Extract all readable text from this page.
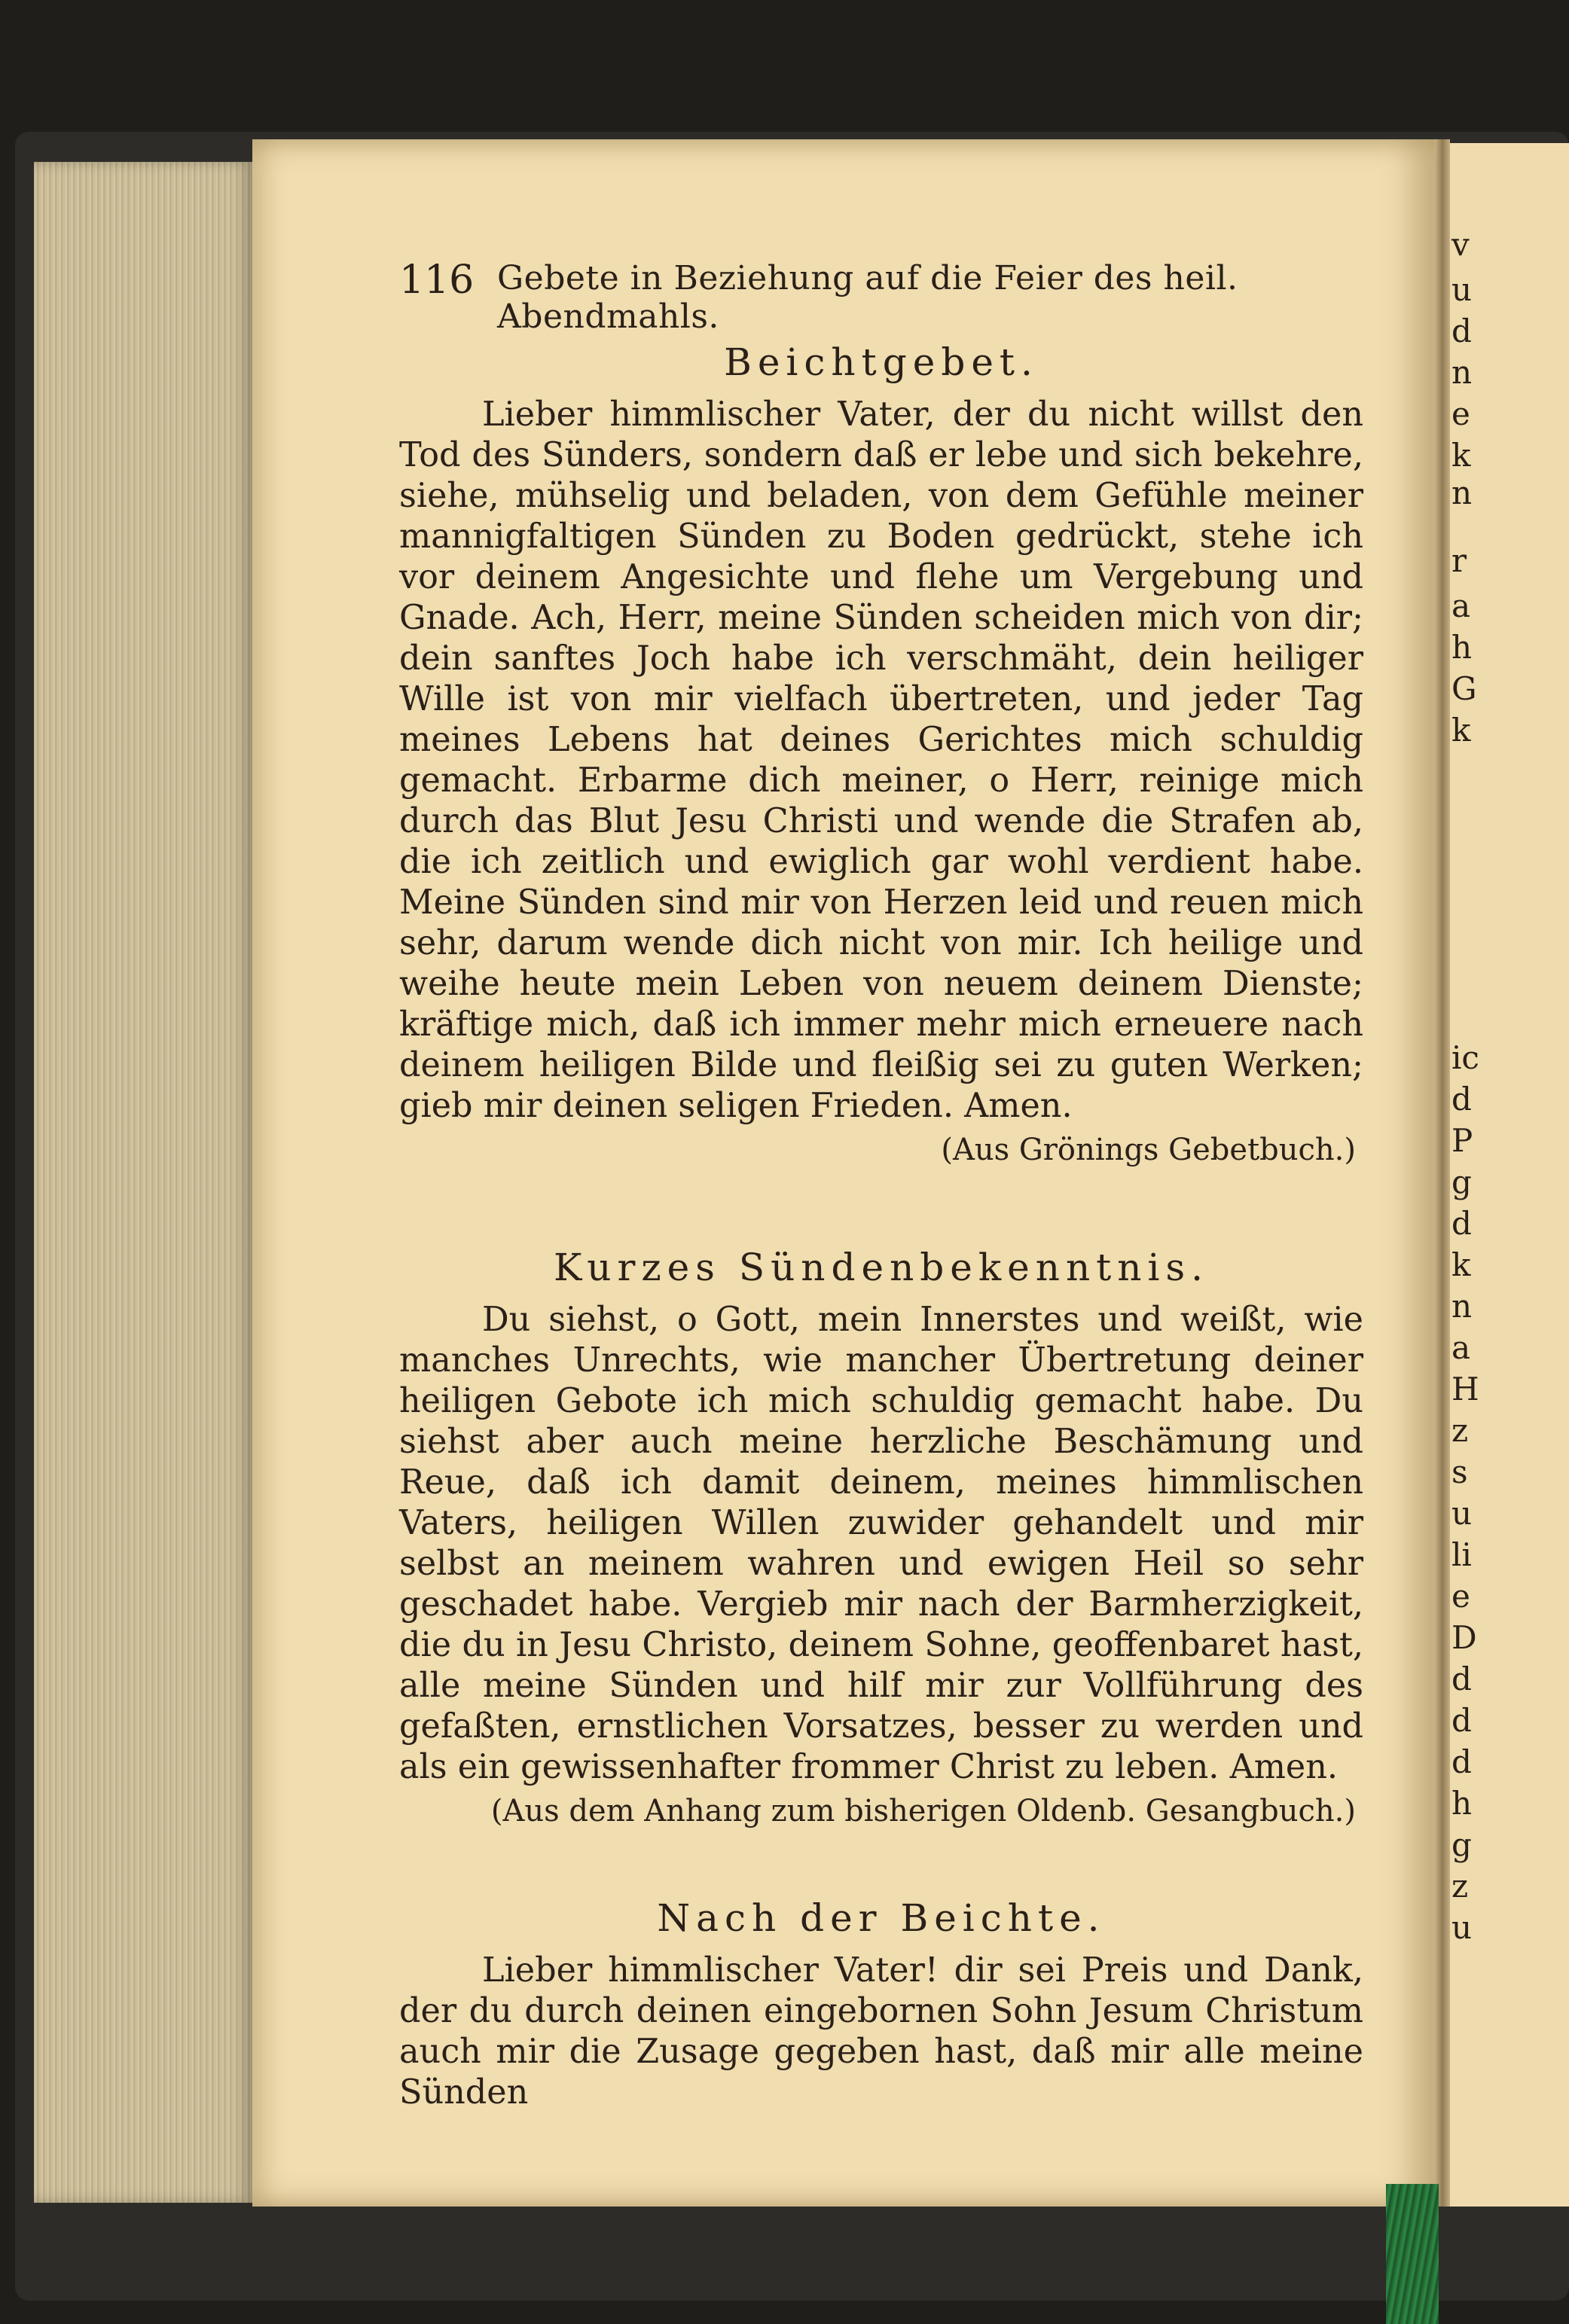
v
u
d
n
e
k
n
r
a
h
G
k
ic
d
P
g
d
k
n
a
H
z
s
u
li
e
D
d
d
d
h
g
z
u
116 Gebete in Beziehung auf die Feier des heil. Abendmahls.
Beichtgebet.

Lieber himmlischer Vater, der du nicht willst den Tod des Sünders, sondern daß er lebe und sich bekehre, siehe, mühselig und beladen, von dem Gefühle meiner mannigfaltigen Sünden zu Boden gedrückt, stehe ich vor deinem Angesichte und flehe um Vergebung und Gnade. Ach, Herr, meine Sünden scheiden mich von dir; dein sanftes Joch habe ich verschmäht, dein heiliger Wille ist von mir vielfach übertreten, und jeder Tag meines Lebens hat deines Gerichtes mich schuldig gemacht. Erbarme dich meiner, o Herr, reinige mich durch das Blut Jesu Christi und wende die Strafen ab, die ich zeitlich und ewiglich gar wohl verdient habe. Meine Sünden sind mir von Herzen leid und reuen mich sehr, darum wende dich nicht von mir. Ich heilige und weihe heute mein Leben von neuem deinem Dienste; kräftige mich, daß ich immer mehr mich erneuere nach deinem heiligen Bilde und fleißig sei zu guten Werken; gieb mir deinen seligen Frieden. Amen.

(Aus Grönings Gebetbuch.)
Kurzes Sündenbekenntnis.

Du siehst, o Gott, mein Innerstes und weißt, wie manches Unrechts, wie mancher Übertretung deiner heiligen Gebote ich mich schuldig gemacht habe. Du siehst aber auch meine herzliche Beschämung und Reue, daß ich damit deinem, meines himmlischen Vaters, heiligen Willen zuwider gehandelt und mir selbst an meinem wahren und ewigen Heil so sehr geschadet habe. Vergieb mir nach der Barmherzigkeit, die du in Jesu Christo, deinem Sohne, geoffenbaret hast, alle meine Sünden und hilf mir zur Vollführung des gefaßten, ernstlichen Vorsatzes, besser zu werden und als ein gewissenhafter frommer Christ zu leben. Amen.

(Aus dem Anhang zum bisherigen Oldenb. Gesangbuch.)
Nach der Beichte.

Lieber himmlischer Vater! dir sei Preis und Dank, der du durch deinen eingebornen Sohn Jesum Christum auch mir die Zusage gegeben hast, daß mir alle meine Sünden
